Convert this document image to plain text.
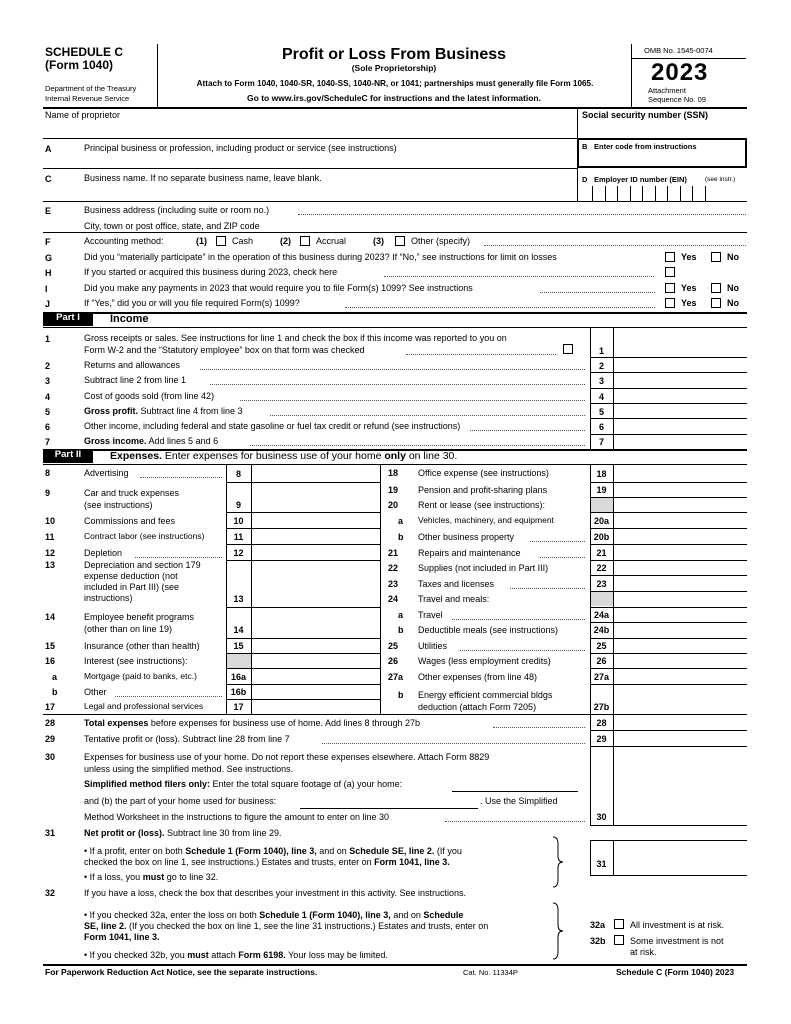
SCHEDULE C
(Form 1040)
Department of the Treasury
Internal Revenue Service
Profit or Loss From Business
(Sole Proprietorship)
Attach to Form 1040, 1040-SR, 1040-SS, 1040-NR, or 1041; partnerships must generally file Form 1065.
Go to www.irs.gov/ScheduleC for instructions and the latest information.
OMB No. 1545-0074
2023
Attachment
Sequence No. 09
Name of proprietor	Social security number (SSN)
A	Principal business or profession, including product or service (see instructions)	B Enter code from instructions
C	Business name. If no separate business name, leave blank.	D Employer ID number (EIN)	(see instr.)
E	Business address (including suite or room no.)
City, town or post office, state, and ZIP code
F	Accounting method:	(1)	Cash	(2)	Accrual	(3)	Other (specify)
G	Did you “materially participate” in the operation of this business during 2023? If “No,” see instructions for limit on losses	Yes	No
H	If you started or acquired this business during 2023, check here
I	Did you make any payments in 2023 that would require you to file Form(s) 1099? See instructions	Yes	No
J	If “Yes,” did you or will you file required Form(s) 1099?	Yes	No
Part I	Income
1	Gross receipts or sales. See instructions for line 1 and check the box if this income was reported to you on
Form W-2 and the “Statutory employee” box on that form was checked	1
2	Returns and allowances	2
3	Subtract line 2 from line 1	3
4	Cost of goods sold (from line 42)	4
5	Gross profit. Subtract line 4 from line 3	5
6	Other income, including federal and state gasoline or fuel tax credit or refund (see instructions)	6
7	Gross income. Add lines 5 and 6	7
Part II	Expenses. Enter expenses for business use of your home only on line 30.
8	Advertising	8
9	Car and truck expenses
(see instructions)	9
10	Commissions and fees	10
11	Contract labor (see instructions)	11
12	Depletion	12
13	Depreciation and section 179
expense deduction (not
included in Part III) (see
instructions)	13
14	Employee benefit programs
(other than on line 19)	14
15	Insurance (other than health)	15
16	Interest (see instructions):
a	Mortgage (paid to banks, etc.)	16a
b	Other	16b
17	Legal and professional services	17
18 Office expense (see instructions)	18
19 Pension and profit-sharing plans	19
20 Rent or lease (see instructions):
a Vehicles, machinery, and equipment	20a
b Other business property	20b
21 Repairs and maintenance	21
22 Supplies (not included in Part III)	22
23 Taxes and licenses	23
24 Travel and meals:
a Travel	24a
b Deductible meals (see instructions)	24b
25 Utilities	25
26 Wages (less employment credits)	26
27a Other expenses (from line 48)	27a
b Energy efficient commercial bldgs
deduction (attach Form 7205)	27b
28	Total expenses before expenses for business use of home. Add lines 8 through 27b	28
29	Tentative profit or (loss). Subtract line 28 from line 7	29
30	Expenses for business use of your home. Do not report these expenses elsewhere. Attach Form 8829
unless using the simplified method. See instructions.
Simplified method filers only: Enter the total square footage of (a) your home:
and (b) the part of your home used for business:	. Use the Simplified
Method Worksheet in the instructions to figure the amount to enter on line 30	30
31	Net profit or (loss). Subtract line 30 from line 29.
• If a profit, enter on both Schedule 1 (Form 1040), line 3, and on Schedule SE, line 2. (If you
checked the box on line 1, see instructions.) Estates and trusts, enter on Form 1041, line 3.
• If a loss, you must go to line 32.
31
32	If you have a loss, check the box that describes your investment in this activity. See instructions.
• If you checked 32a, enter the loss on both Schedule 1 (Form 1040), line 3, and on Schedule
SE, line 2. (If you checked the box on line 1, see the line 31 instructions.) Estates and trusts, enter on
Form 1041, line 3.
• If you checked 32b, you must attach Form 6198. Your loss may be limited.
32a	All investment is at risk.
32b	Some investment is not
at risk.
For Paperwork Reduction Act Notice, see the separate instructions.	Cat. No. 11334P	Schedule C (Form 1040) 2023
